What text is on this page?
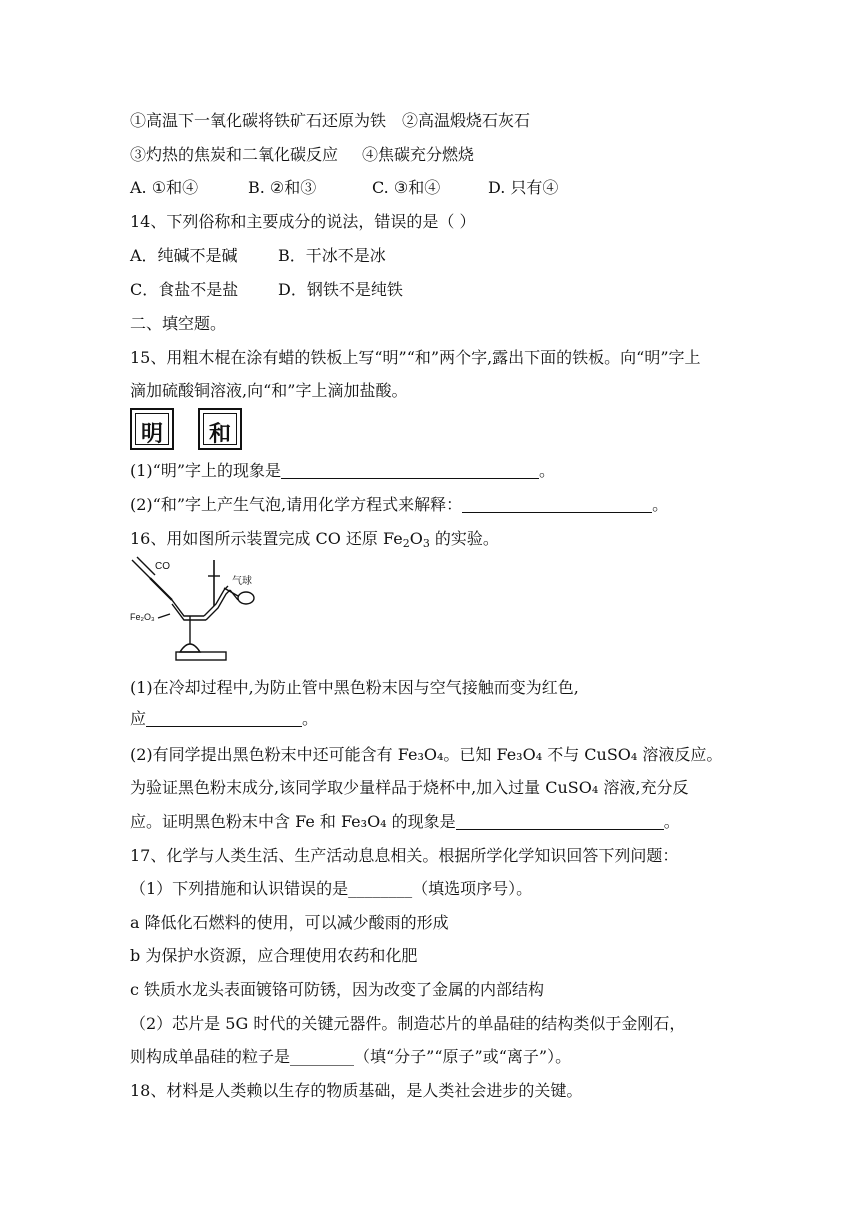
①高温下一氧化碳将铁矿石还原为铁 ②高温煅烧石灰石
③灼热的焦炭和二氧化碳反应 ④焦碳充分燃烧
A. ①和④	B. ②和③	C. ③和④	D. 只有④
14、下列俗称和主要成分的说法，错误的是（ ）
A．纯碱不是碱	B．干冰不是冰
C．食盐不是盐 D．钢铁不是纯铁
二、填空题。
15、用粗木棍在涂有蜡的铁板上写“明”“和”两个字,露出下面的铁板。向“明”字上
滴加硫酸铜溶液,向“和”字上滴加盐酸。
明	和
(1)“明”字上的现象是	。
(2)“和”字上产生气泡,请用化学方程式来解释：	。
16、用如图所示装置完成 CO 还原 $Fe_2O_3$ 的实验。
CO
气球
Fe₂O₃
(1)在冷却过程中,为防止管中黑色粉末因与空气接触而变为红色,
应	。
(2)有同学提出黑色粉末中还可能含有 Fe₃O₄。已知 Fe₃O₄ 不与 CuSO₄ 溶液反应。
为验证黑色粉末成分,该同学取少量样品于烧杯中,加入过量 CuSO₄ 溶液,充分反
应。证明黑色粉末中含 Fe 和 Fe₃O₄ 的现象是	。
17、化学与人类生活、生产活动息息相关。根据所学化学知识回答下列问题：
（1）下列措施和认识错误的是________（填选项序号）。
a 降低化石燃料的使用，可以减少酸雨的形成
b 为保护水资源，应合理使用农药和化肥
c 铁质水龙头表面镀铬可防锈，因为改变了金属的内部结构
（2）芯片是 5G 时代的关键元器件。制造芯片的单晶硅的结构类似于金刚石，
则构成单晶硅的粒子是________（填“分子”“原子”或“离子”）。
18、材料是人类赖以生存的物质基础，是人类社会进步的关键。
